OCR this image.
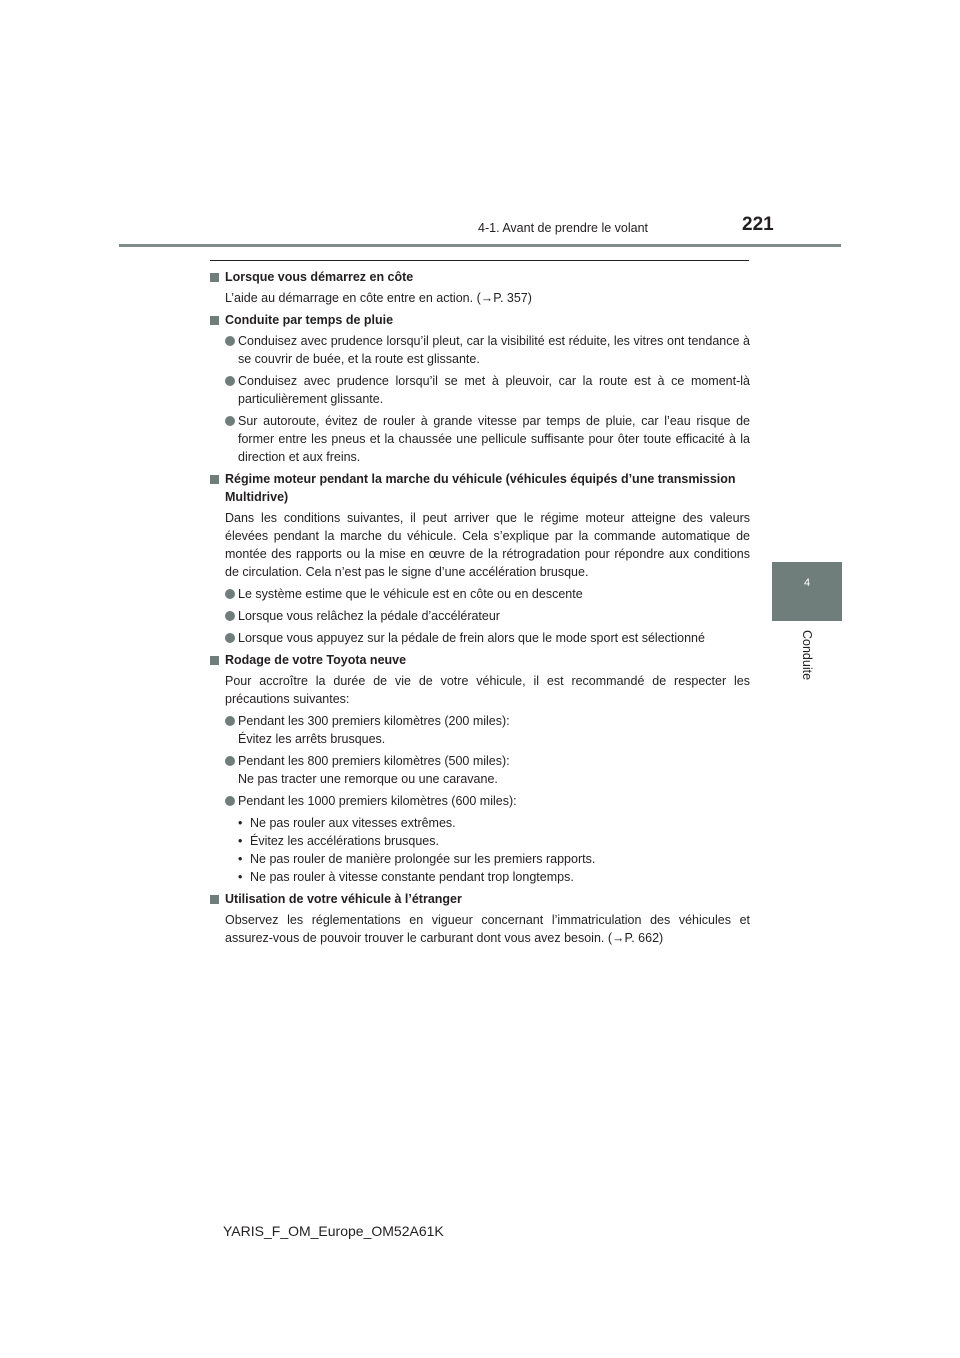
4-1. Avant de prendre le volant	221
4
Conduite
Lorsque vous démarrez en côte
L’aide au démarrage en côte entre en action. (→P. 357)
Conduite par temps de pluie
Conduisez avec prudence lorsqu’il pleut, car la visibilité est réduite, les vitres ont tendance à se couvrir de buée, et la route est glissante.
Conduisez avec prudence lorsqu’il se met à pleuvoir, car la route est à ce moment-là particulièrement glissante.
Sur autoroute, évitez de rouler à grande vitesse par temps de pluie, car l’eau risque de former entre les pneus et la chaussée une pellicule suffisante pour ôter toute efficacité à la direction et aux freins.
Régime moteur pendant la marche du véhicule (véhicules équipés d’une transmission Multidrive)
Dans les conditions suivantes, il peut arriver que le régime moteur atteigne des valeurs élevées pendant la marche du véhicule. Cela s’explique par la commande automatique de montée des rapports ou la mise en œuvre de la rétrogradation pour répondre aux conditions de circulation. Cela n’est pas le signe d’une accélération brusque.
Le système estime que le véhicule est en côte ou en descente
Lorsque vous relâchez la pédale d’accélérateur
Lorsque vous appuyez sur la pédale de frein alors que le mode sport est sélectionné
Rodage de votre Toyota neuve
Pour accroître la durée de vie de votre véhicule, il est recommandé de respecter les précautions suivantes:
Pendant les 300 premiers kilomètres (200 miles):
Évitez les arrêts brusques.
Pendant les 800 premiers kilomètres (500 miles):
Ne pas tracter une remorque ou une caravane.
Pendant les 1000 premiers kilomètres (600 miles):
• Ne pas rouler aux vitesses extrêmes.
• Évitez les accélérations brusques.
• Ne pas rouler de manière prolongée sur les premiers rapports.
• Ne pas rouler à vitesse constante pendant trop longtemps.
Utilisation de votre véhicule à l’étranger
Observez les réglementations en vigueur concernant l’immatriculation des véhicules et assurez-vous de pouvoir trouver le carburant dont vous avez besoin. (→P. 662)
YARIS_F_OM_Europe_OM52A61K
